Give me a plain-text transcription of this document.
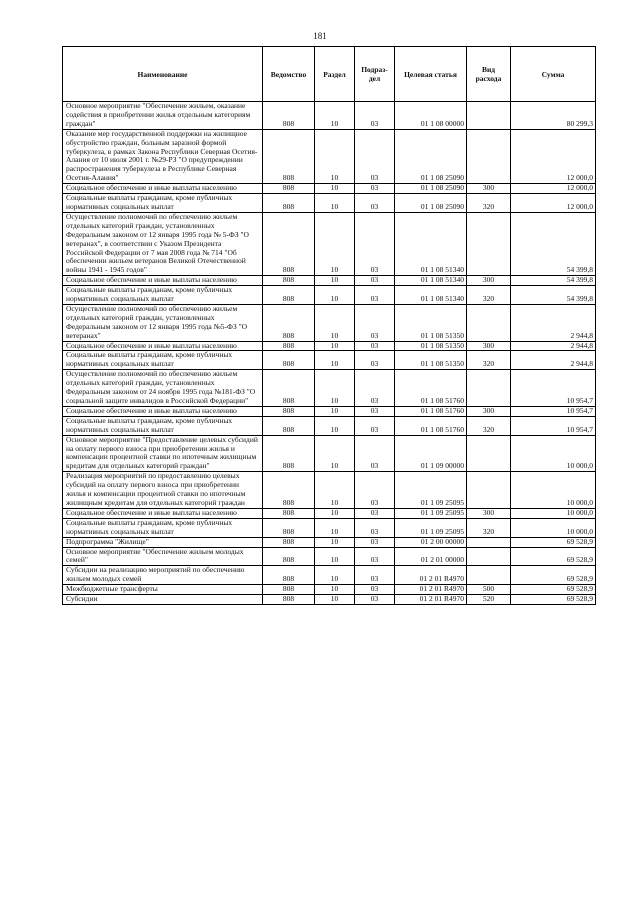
181
Наименование	Ведомство	Раздел	Подраз-
дел	Целевая статья	Вид
расхода	Сумма
Основное мероприятие "Обеспечение жильем, оказание содействия в приобретении жилья отдельным категориям граждан"	808	10	03	01 1 08 00000		80 299,3
Оказание мер государственной поддержки на жилищное обустройство граждан, больным заразной формой туберкулеза, в рамках Закона Республики Северная Осетия-Алания от 10 июля 2001 г. №29-РЗ "О предупреждении распространения туберкулеза в Республике Северная Осетия-Алания"	808	10	03	01 1 08 25090		12 000,0
Социальное обеспечение и иные выплаты населению	808	10	03	01 1 08 25090	300	12 000,0
Социальные выплаты гражданам, кроме публичных нормативных социальных выплат	808	10	03	01 1 08 25090	320	12 000,0
Осуществление полномочий по обеспечению жильем отдельных категорий граждан, установленных Федеральным законом от 12 января 1995 года № 5-ФЗ "О ветеранах", в соответствии с Указом Президента Российской Федерации от 7 мая 2008 года № 714 "Об обеспечении жильем ветеранов Великой Отечественной войны 1941 - 1945 годов"	808	10	03	01 1 08 51340		54 399,8
Социальное обеспечение и иные выплаты населению	808	10	03	01 1 08 51340	300	54 399,8
Социальные выплаты гражданам, кроме публичных нормативных социальных выплат	808	10	03	01 1 08 51340	320	54 399,8
Осуществление полномочий по обеспечению жильем отдельных категорий граждан, установленных Федеральным законом от 12 января 1995 года №5-ФЗ "О ветеранах"	808	10	03	01 1 08 51350		2 944,8
Социальное обеспечение и иные выплаты населению	808	10	03	01 1 08 51350	300	2 944,8
Социальные выплаты гражданам, кроме публичных нормативных социальных выплат	808	10	03	01 1 08 51350	320	2 944,8
Осуществление полномочий по обеспечению жильем отдельных категорий граждан, установленных Федеральным законом от 24 ноября 1995 года №181-ФЗ "О социальной защите инвалидов в Российской Федерации"	808	10	03	01 1 08 51760		10 954,7
Социальное обеспечение и иные выплаты населению	808	10	03	01 1 08 51760	300	10 954,7
Социальные выплаты гражданам, кроме публичных нормативных социальных выплат	808	10	03	01 1 08 51760	320	10 954,7
Основное мероприятие "Предоставление целевых субсидий на оплату первого взноса при приобретении жилья и компенсации процентной ставки по ипотечным жилищным кредитам для отдельных категорий граждан"	808	10	03	01 1 09 00000		10 000,0
Реализация мероприятий по предоставлению целевых субсидий на оплату первого взноса при приобретении жилья и компенсации процентной ставки по ипотечным жилищным кредитам для отдельных категорий граждан	808	10	03	01 1 09 25095		10 000,0
Социальное обеспечение и иные выплаты населению	808	10	03	01 1 09 25095	300	10 000,0
Социальные выплаты гражданам, кроме публичных нормативных социальных выплат	808	10	03	01 1 09 25095	320	10 000,0
Подпрограмма "Жилище"	808	10	03	01 2 00 00000		69 528,9
Основное мероприятие "Обеспечение жильем молодых семей"	808	10	03	01 2 01 00000		69 528,9
Субсидии на реализацию мероприятий по обеспечению жильем молодых семей	808	10	03	01 2 01 R4970		69 528,9
Межбюджетные трансферты	808	10	03	01 2 01 R4970	500	69 528,9
Субсидии	808	10	03	01 2 01 R4970	520	69 528,9
